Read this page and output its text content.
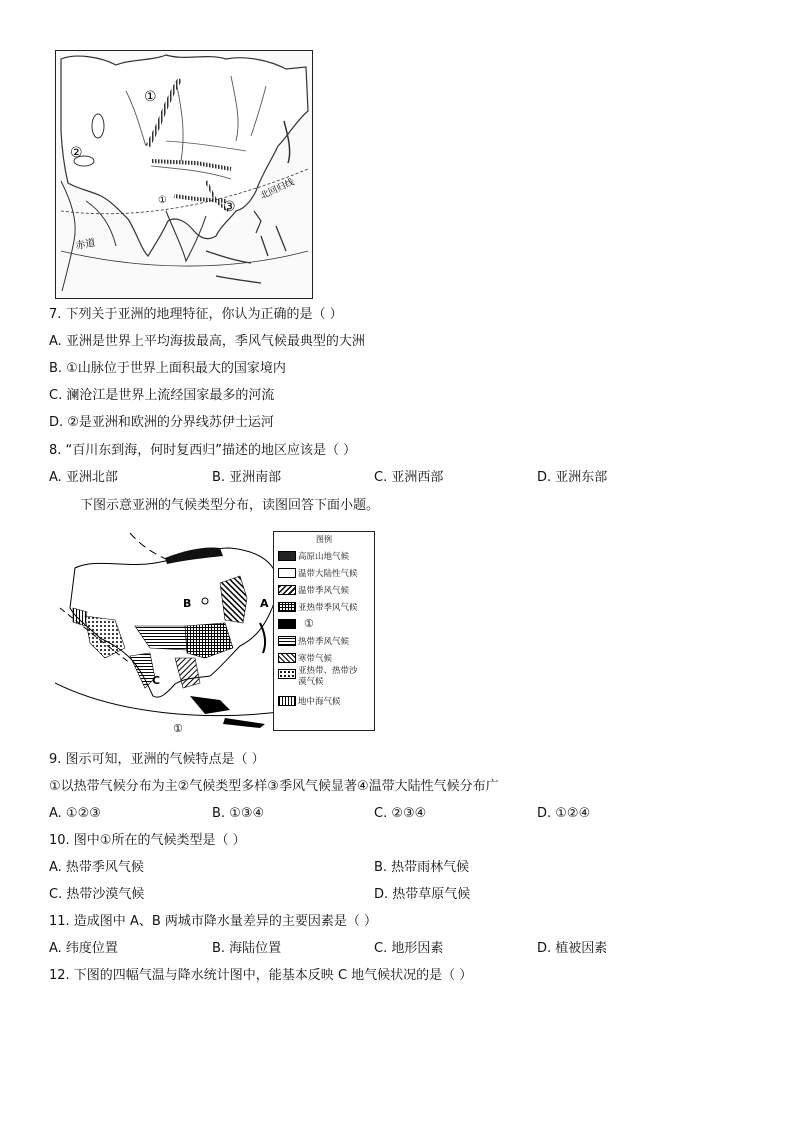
①
②
③
①	北回归线
赤道
7. 下列关于亚洲的地理特征，你认为正确的是（ ）
A. 亚洲是世界上平均海拔最高，季风气候最典型的大洲
B. ①山脉位于世界上面积最大的国家境内
C. 澜沧江是世界上流经国家最多的河流
D. ②是亚洲和欧洲的分界线苏伊士运河
8. “百川东到海，何时复西归”描述的地区应该是（ ）
A. 亚洲北部	B. 亚洲南部	C. 亚洲西部	D. 亚洲东部
下图示意亚洲的气候类型分布，读图回答下面小题。
B	A
C
①
图例
高原山地气候
温带大陆性气候
温带季风气候
亚热带季风气候
①
热带季风气候
寒带气候
亚热带、热带沙漠气候
地中海气候
9. 图示可知，亚洲的气候特点是（ ）
①以热带气候分布为主②气候类型多样③季风气候显著④温带大陆性气候分布广
A. ①②③	B. ①③④	C. ②③④	D. ①②④
10. 图中①所在的气候类型是（ ）
A. 热带季风气候	B. 热带雨林气候
C. 热带沙漠气候	D. 热带草原气候
11. 造成图中 A、B 两城市降水量差异的主要因素是（ ）
A. 纬度位置	B. 海陆位置	C. 地形因素	D. 植被因素
12. 下图的四幅气温与降水统计图中，能基本反映 C 地气候状况的是（ ）
